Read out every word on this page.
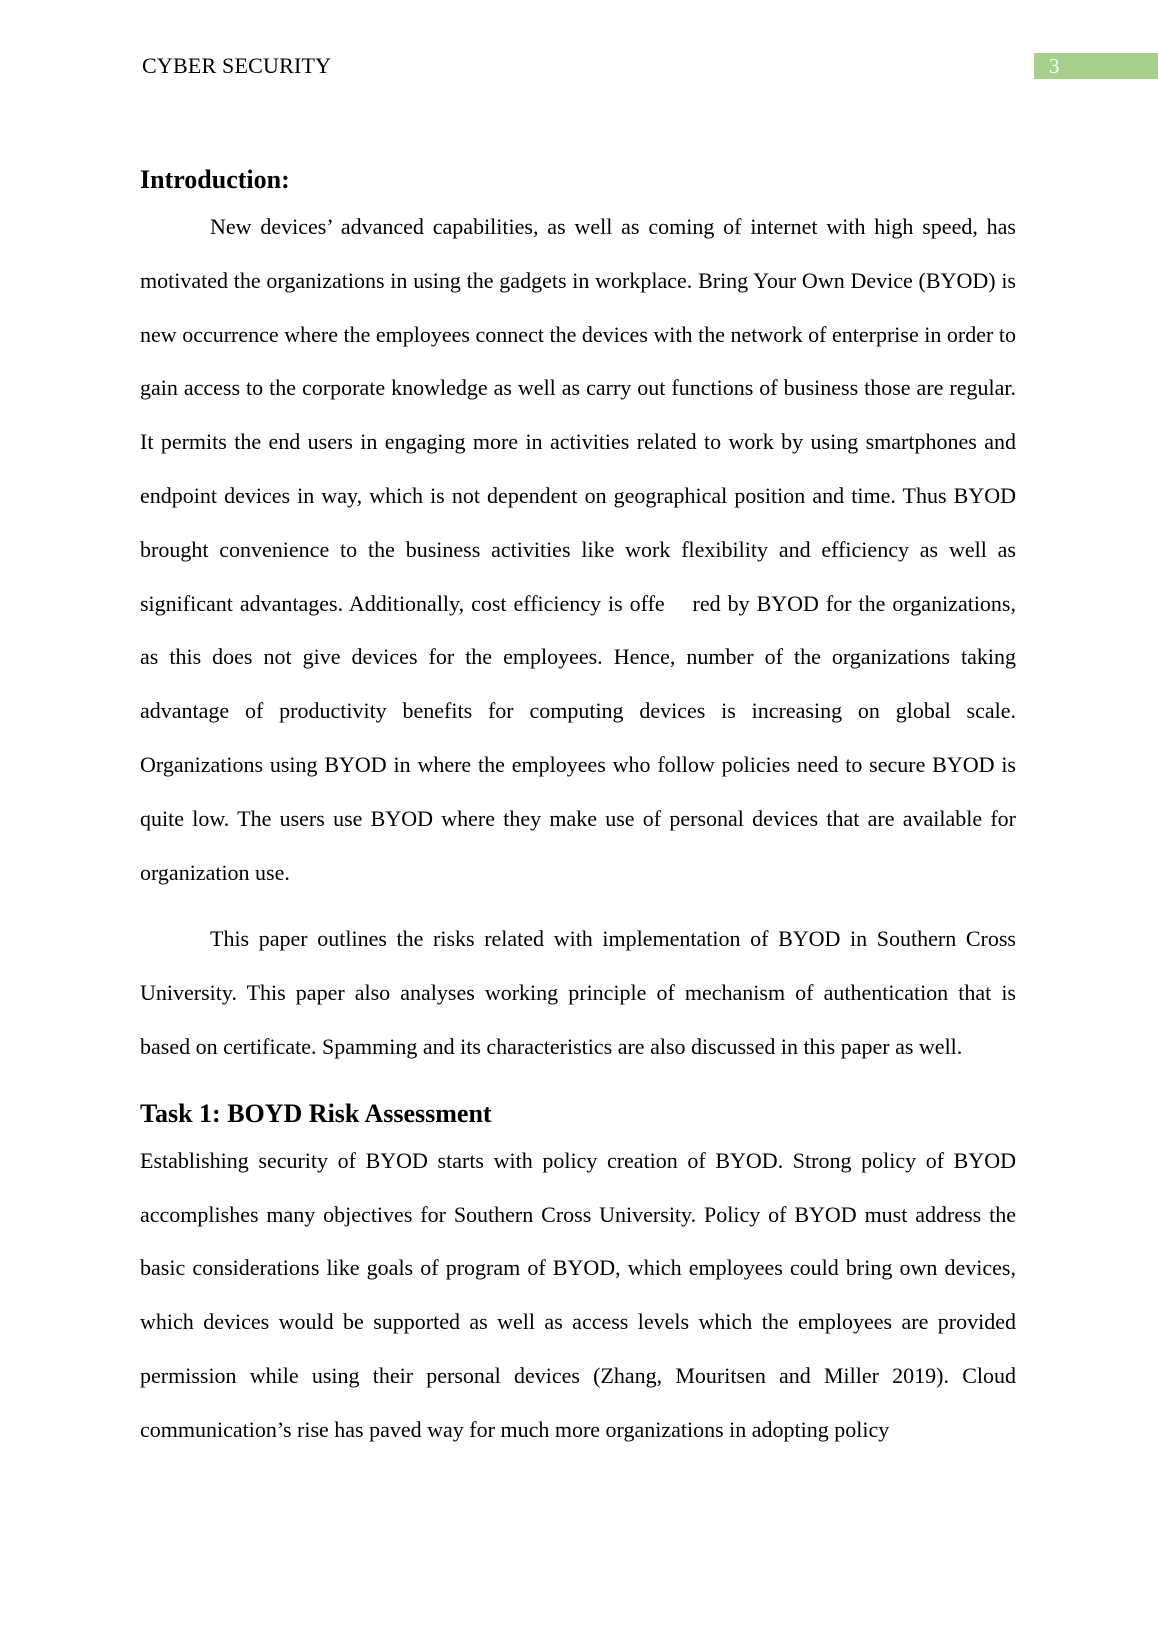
CYBER SECURITY	3
Introduction:

New devices’ advanced capabilities, as well as coming of internet with high speed, has motivated the organizations in using the gadgets in workplace. Bring Your Own Device (BYOD) is new occurrence where the employees connect the devices with the network of enterprise in order to gain access to the corporate knowledge as well as carry out functions of business those are regular. It permits the end users in engaging more in activities related to work by using smartphones and endpoint devices in way, which is not dependent on geographical position and time. Thus BYOD brought convenience to the business activities like work flexibility and efficiency as well as significant advantages. Additionally, cost efficiency is offe    red by BYOD for the organizations, as this does not give devices for the employees. Hence, number of the organizations taking advantage of productivity benefits for computing devices is increasing on global scale. Organizations using BYOD in where the employees who follow policies need to secure BYOD is quite low. The users use BYOD where they make use of personal devices that are available for organization use.

This paper outlines the risks related with implementation of BYOD in Southern Cross University. This paper also analyses working principle of mechanism of authentication that is based on certificate. Spamming and its characteristics are also discussed in this paper as well.

Task 1: BOYD Risk Assessment

Establishing security of BYOD starts with policy creation of BYOD. Strong policy of BYOD accomplishes many objectives for Southern Cross University. Policy of BYOD must address the basic considerations like goals of program of BYOD, which employees could bring own devices, which devices would be supported as well as access levels which the employees are provided permission while using their personal devices (Zhang, Mouritsen and Miller 2019). Cloud communication’s rise has paved way for much more organizations in adopting policy
